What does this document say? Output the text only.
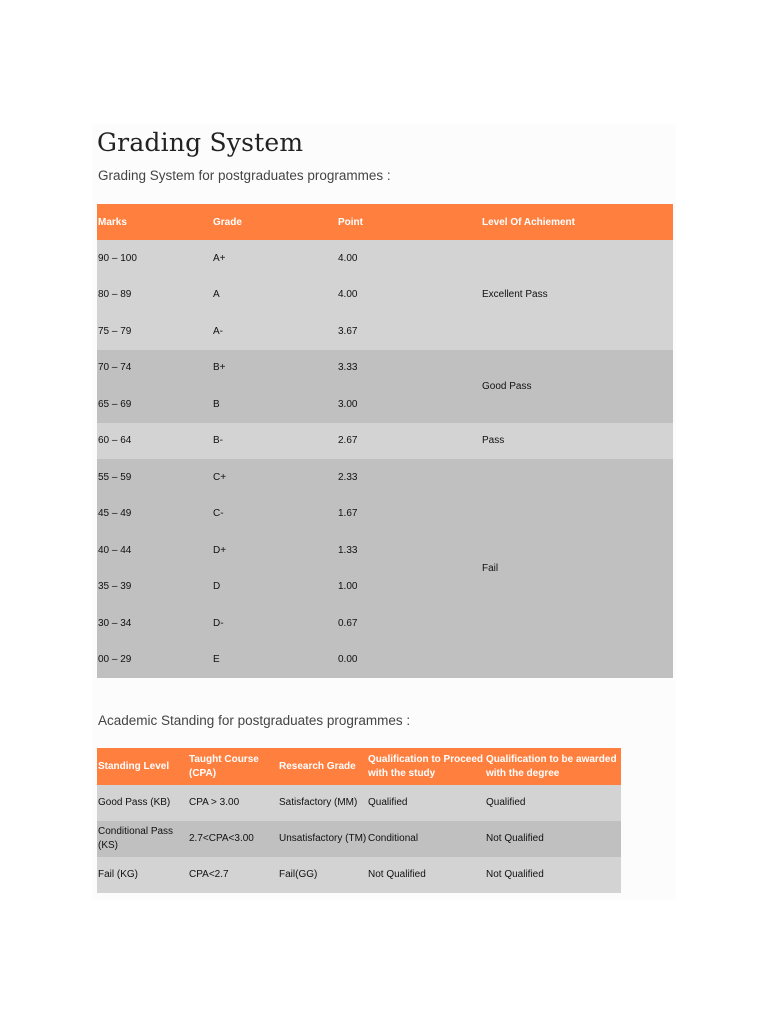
Grading System
Grading System for postgraduates programmes :
Marks	Grade	Point	Level Of Achiement
90 – 100	A+	4.00	Excellent Pass
80 – 89	A	4.00	
75 – 79	A-	3.67	
70 – 74	B+	3.33	Good Pass
65 – 69	B	3.00	
60 – 64	B-	2.67	Pass
55 – 59	C+	2.33	Fail
45 – 49	C-	1.67	
40 – 44	D+	1.33	
35 – 39	D	1.00	
30 – 34	D-	0.67	
00 – 29	E	0.00	
Academic Standing for postgraduates programmes :
Standing Level	Taught Course (CPA)	Research Grade	Qualification to Proceed with the study	Qualification to be awarded with the degree
Good Pass (KB)	CPA > 3.00	Satisfactory (MM)	Qualified	Qualified
Conditional Pass (KS)	2.7<CPA<3.00	Unsatisfactory (TM)	Conditional	Not Qualified
Fail (KG)	CPA<2.7	Fail(GG)	Not Qualified	Not Qualified
